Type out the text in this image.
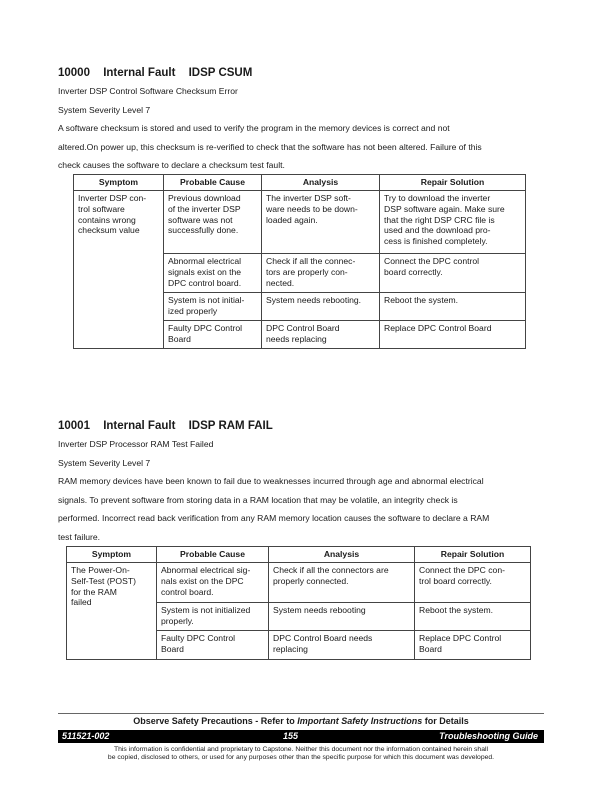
10000 Internal Fault IDSP CSUM

Inverter DSP Control Software Checksum Error

System Severity Level 7

A software checksum is stored and used to verify the program in the memory devices is correct and not

altered.On power up, this checksum is re-verified to check that the software has not been altered. Failure of this

check causes the software to declare a checksum test fault.

Symptom	Probable Cause	Analysis	Repair Solution
Inverter DSP con-
trol software
contains wrong
checksum value	Previous download
of the inverter DSP
software was not
successfully done.	The inverter DSP soft-
ware needs to be down-
loaded again.	Try to download the inverter
DSP software again. Make sure
that the right DSP CRC file is
used and the download pro-
cess is finished completely.
	Abnormal electrical
signals exist on the
DPC control board.	Check if all the connec-
tors are properly con-
nected.	Connect the DPC control
board correctly.
	System is not initial-
ized properly	System needs rebooting.	Reboot the system.
	Faulty DPC Control
Board	DPC Control Board
needs replacing	Replace DPC Control Board

10001 Internal Fault IDSP RAM FAIL

Inverter DSP Processor RAM Test Failed

System Severity Level 7

RAM memory devices have been known to fail due to weaknesses incurred through age and abnormal electrical

signals. To prevent software from storing data in a RAM location that may be volatile, an integrity check is

performed. Incorrect read back verification from any RAM memory location causes the software to declare a RAM

test failure.

Symptom	Probable Cause	Analysis	Repair Solution
The Power-On-
Self-Test (POST)
for the RAM
failed	Abnormal electrical sig-
nals exist on the DPC
control board.	Check if all the connectors are
properly connected.	Connect the DPC con-
trol board correctly.
	System is not initialized
properly.	System needs rebooting	Reboot the system.
	Faulty DPC Control
Board	DPC Control Board needs
replacing	Replace DPC Control
Board
Observe Safety Precautions - Refer to Important Safety Instructions for Details
511521-002	155	Troubleshooting Guide
This information is confidential and proprietary to Capstone. Neither this document nor the information contained herein shall
be copied, disclosed to others, or used for any purposes other than the specific purpose for which this document was developed.
